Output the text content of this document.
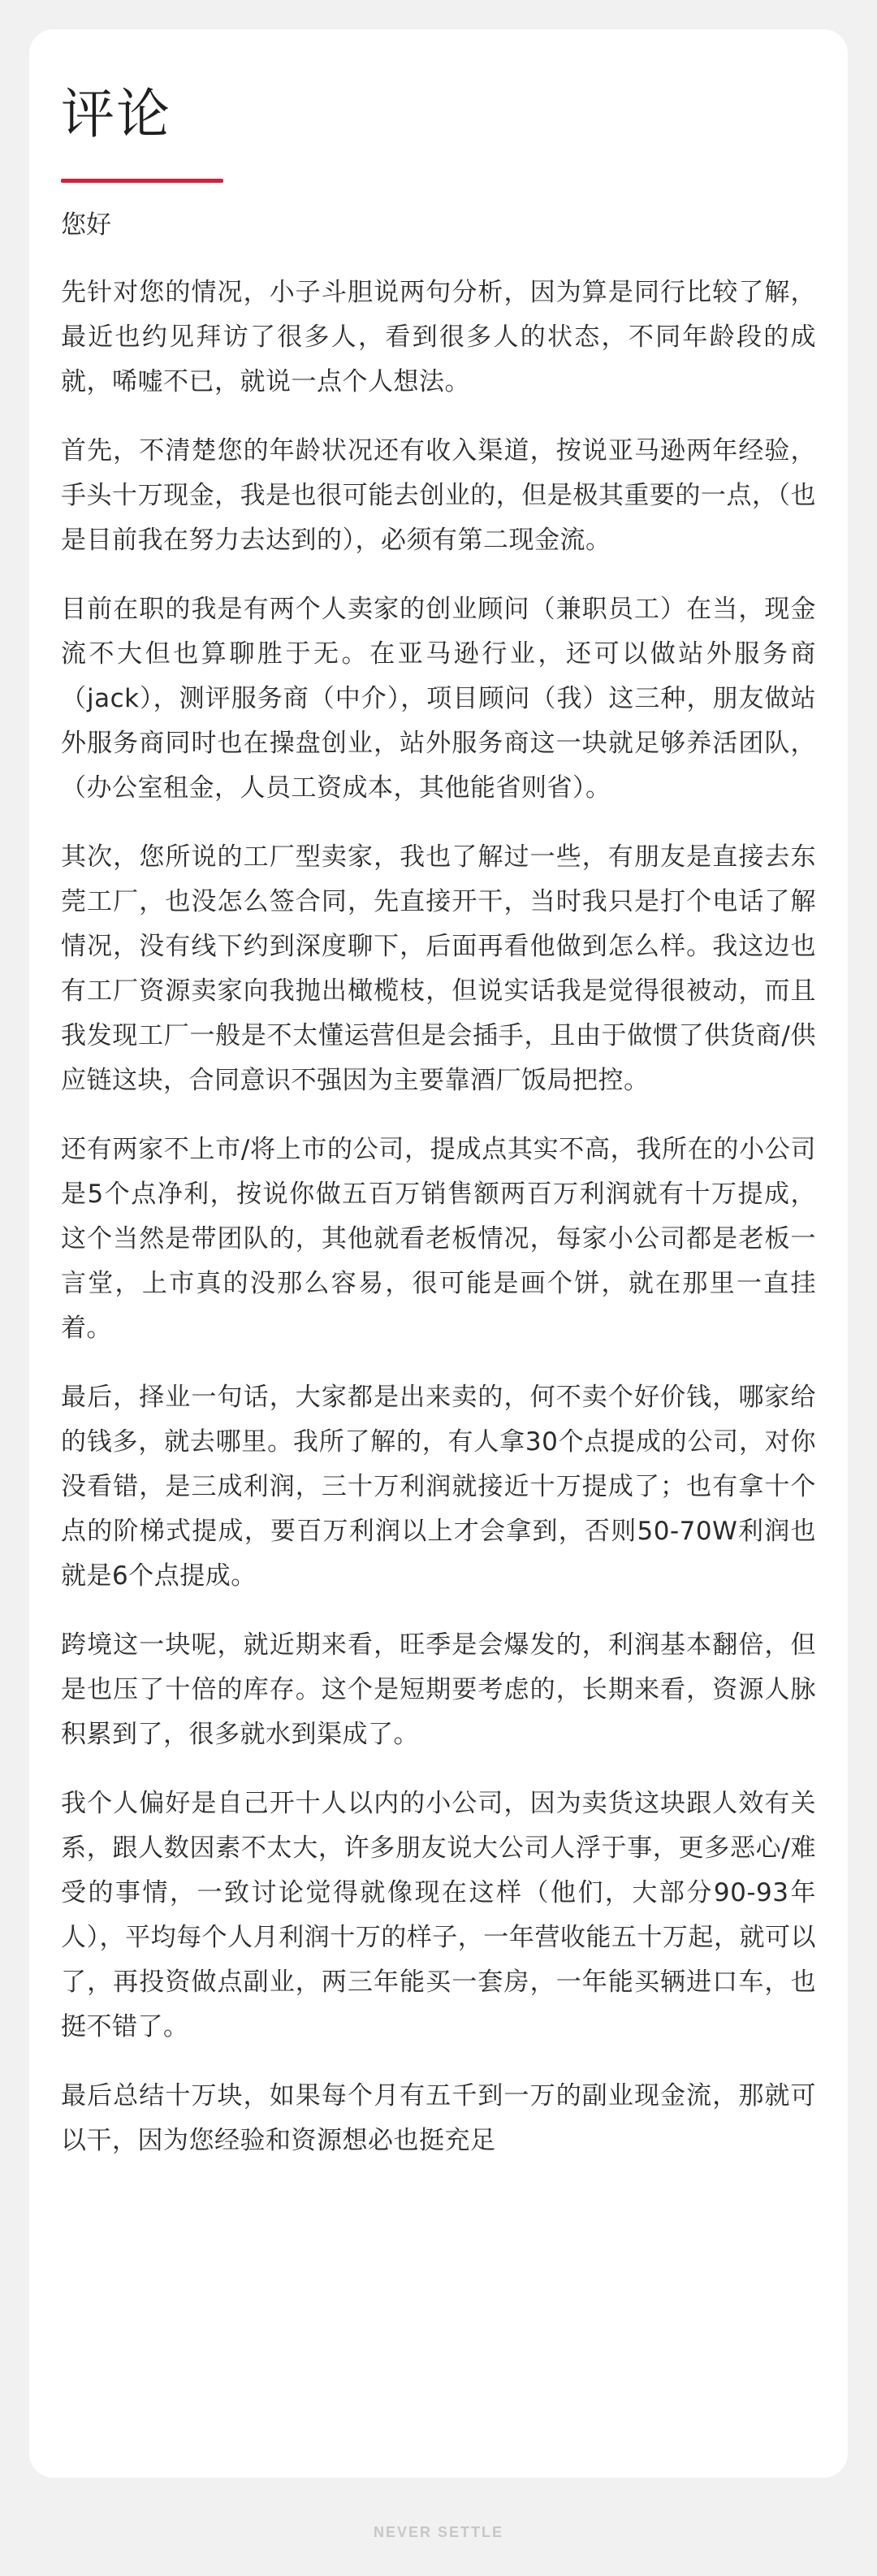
评论
您好
先针对您的情况，小子斗胆说两句分析，因为算是同行比较了解，最近也约见拜访了很多人，看到很多人的状态，不同年龄段的成就，唏嘘不已，就说一点个人想法。
首先，不清楚您的年龄状况还有收入渠道，按说亚马逊两年经验，手头十万现金，我是也很可能去创业的，但是极其重要的一点，（也是目前我在努力去达到的），必须有第二现金流。
目前在职的我是有两个人卖家的创业顾问（兼职员工）在当，现金流不大但也算聊胜于无。在亚马逊行业，还可以做站外服务商（jack），测评服务商（中介），项目顾问（我）这三种，朋友做站外服务商同时也在操盘创业，站外服务商这一块就足够养活团队，（办公室租金，人员工资成本，其他能省则省）。
其次，您所说的工厂型卖家，我也了解过一些，有朋友是直接去东莞工厂，也没怎么签合同，先直接开干，当时我只是打个电话了解情况，没有线下约到深度聊下，后面再看他做到怎么样。我这边也有工厂资源卖家向我抛出橄榄枝，但说实话我是觉得很被动，而且我发现工厂一般是不太懂运营但是会插手，且由于做惯了供货商/供应链这块，合同意识不强因为主要靠酒厂饭局把控。
还有两家不上市/将上市的公司，提成点其实不高，我所在的小公司是5个点净利，按说你做五百万销售额两百万利润就有十万提成，这个当然是带团队的，其他就看老板情况，每家小公司都是老板一言堂，上市真的没那么容易，很可能是画个饼，就在那里一直挂着。
最后，择业一句话，大家都是出来卖的，何不卖个好价钱，哪家给的钱多，就去哪里。我所了解的，有人拿30个点提成的公司，对你没看错，是三成利润，三十万利润就接近十万提成了；也有拿十个点的阶梯式提成，要百万利润以上才会拿到，否则50-70W利润也就是6个点提成。
跨境这一块呢，就近期来看，旺季是会爆发的，利润基本翻倍，但是也压了十倍的库存。这个是短期要考虑的，长期来看，资源人脉积累到了，很多就水到渠成了。
我个人偏好是自己开十人以内的小公司，因为卖货这块跟人效有关系，跟人数因素不太大，许多朋友说大公司人浮于事，更多恶心/难受的事情，一致讨论觉得就像现在这样（他们，大部分90-93年人），平均每个人月利润十万的样子，一年营收能五十万起，就可以了，再投资做点副业，两三年能买一套房，一年能买辆进口车，也挺不错了。
最后总结十万块，如果每个月有五千到一万的副业现金流，那就可以干，因为您经验和资源想必也挺充足
NEVER SETTLE
